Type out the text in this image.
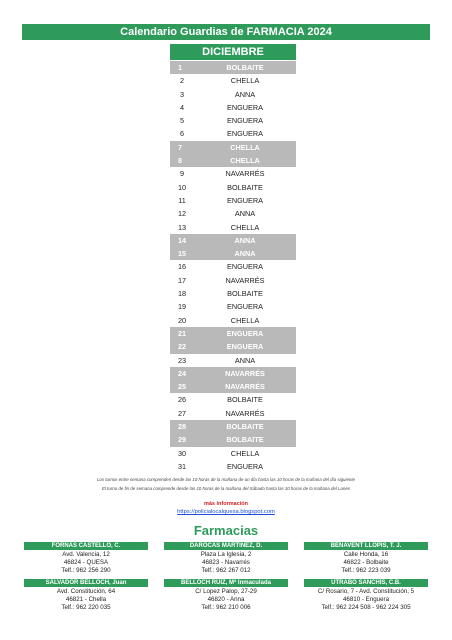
Calendario Guardias de FARMACIA 2024
DICIEMBRE
1	BOLBAITE
2	CHELLA
3	ANNA
4	ENGUERA
5	ENGUERA
6	ENGUERA
7	CHELLA
8	CHELLA
9	NAVARRÉS
10	BOLBAITE
11	ENGUERA
12	ANNA
13	CHELLA
14	ANNA
15	ANNA
16	ENGUERA
17	NAVARRÉS
18	BOLBAITE
19	ENGUERA
20	CHELLA
21	ENGUERA
22	ENGUERA
23	ANNA
24	NAVARRÉS
25	NAVARRÉS
26	BOLBAITE
27	NAVARRÉS
28	BOLBAITE
29	BOLBAITE
30	CHELLA
31	ENGUERA
Los turnos entre semana comprenden desde las 10 horas de la mañana de un día hasta las 10 horas de la mañana del día siguiente
El turno de fin de semana comprende desde las 10 horas de la mañana del Sábado hasta las 10 horas de la mañana del Lunes
más información
https://policialocalquesa.blogspot.com
Farmacias
FORNAS CASTELLÓ, C.
Avd. Valencia, 12
46824 - QUESA
Telf.: 962 256 290
DAROCAS MARTINEZ, D.
Plaza La Iglesia, 2
46823 - Navarrés
Telf.: 962 267 012
BENAVENT LLOPIS, T. J.
Calle Honda, 16
46822 - Bolbaite
Telf.: 962 223 039
SALVADOR BELLOCH, Juan
Avd. Constitución, 64
46821 - Chella
Telf.: 962 220 035
BELLOCH RUIZ, Mª Inmaculada
C/ Lopez Palop, 27-29
46820 - Anna
Telf.: 962 210 006
UTRABO SANCHÍS, C.B.
C/ Rosario, 7 - Avd. Constitución, 5
46810 - Enguera
Telf.: 962 224 508 - 962 224 305
